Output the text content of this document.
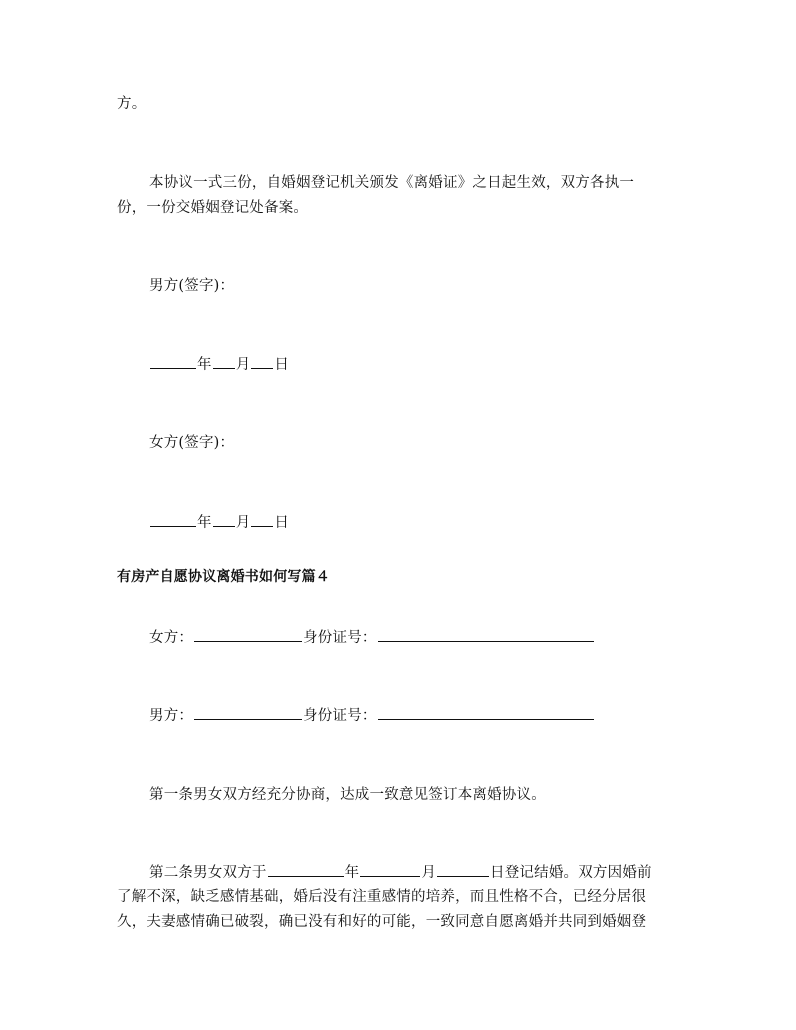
方。
本协议一式三份，自婚姻登记机关颁发《离婚证》之日起生效，双方各执一
份，一份交婚姻登记处备案。
男方(签字)：
年 月 日
女方(签字)：
年 月 日
有房产自愿协议离婚书如何写篇４
女方：	身份证号：
男方：	身份证号：
第一条男女双方经充分协商，达成一致意见签订本离婚协议。
第二条男女双方于	年	月	日登记结婚。双方因婚前
了解不深，缺乏感情基础，婚后没有注重感情的培养，而且性格不合，已经分居很
久，夫妻感情确已破裂，确已没有和好的可能，一致同意自愿离婚并共同到婚姻登
